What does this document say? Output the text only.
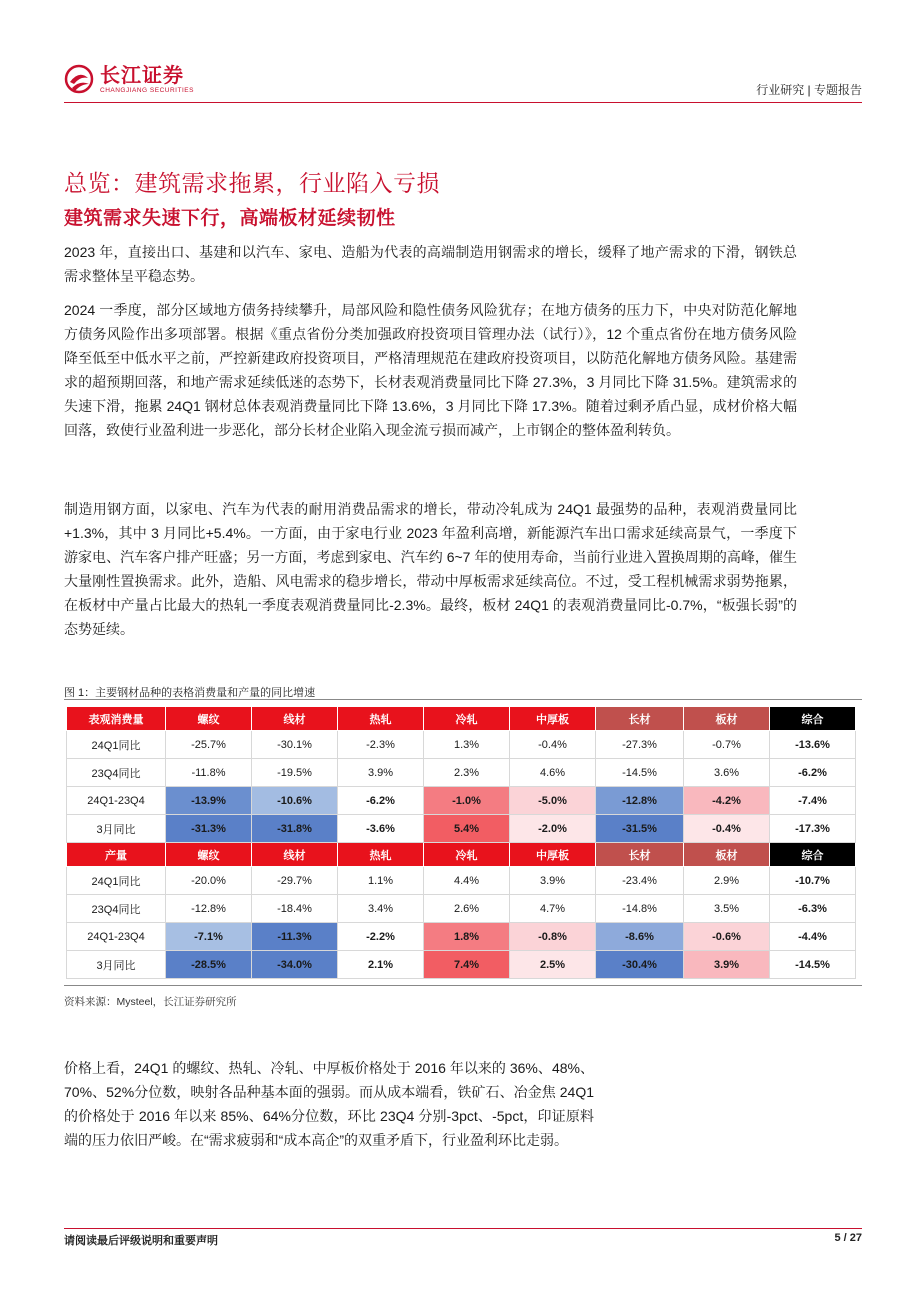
长江证券
CHANGJIANG SECURITIES	行业研究 | 专题报告
总览：建筑需求拖累，行业陷入亏损
建筑需求失速下行，高端板材延续韧性
2023 年，直接出口、基建和以汽车、家电、造船为代表的高端制造用钢需求的增长，缓释了地产需求的下滑，钢铁总需求整体呈平稳态势。
2024 一季度，部分区域地方债务持续攀升，局部风险和隐性债务风险犹存；在地方债务的压力下，中央对防范化解地方债务风险作出多项部署。根据《重点省份分类加强政府投资项目管理办法（试行）》，12 个重点省份在地方债务风险降至低至中低水平之前，严控新建政府投资项目，严格清理规范在建政府投资项目，以防范化解地方债务风险。基建需求的超预期回落，和地产需求延续低迷的态势下，长材表观消费量同比下降 27.3%，3 月同比下降 31.5%。建筑需求的失速下滑，拖累 24Q1 钢材总体表观消费量同比下降 13.6%，3 月同比下降 17.3%。随着过剩矛盾凸显，成材价格大幅回落，致使行业盈利进一步恶化，部分长材企业陷入现金流亏损而减产，上市钢企的整体盈利转负。
制造用钢方面，以家电、汽车为代表的耐用消费品需求的增长，带动冷轧成为 24Q1 最强势的品种，表观消费量同比+1.3%，其中 3 月同比+5.4%。一方面，由于家电行业 2023 年盈利高增，新能源汽车出口需求延续高景气，一季度下游家电、汽车客户排产旺盛；另一方面，考虑到家电、汽车约 6~7 年的使用寿命，当前行业进入置换周期的高峰，催生大量刚性置换需求。此外，造船、风电需求的稳步增长，带动中厚板需求延续高位。不过，受工程机械需求弱势拖累，在板材中产量占比最大的热轧一季度表观消费量同比-2.3%。最终，板材 24Q1 的表观消费量同比-0.7%，“板强长弱”的态势延续。
图 1：主要钢材品种的表格消费量和产量的同比增速
表观消费量	螺纹	线材	热轧	冷轧	中厚板	长材	板材	综合
24Q1同比	-25.7%	-30.1%	-2.3%	1.3%	-0.4%	-27.3%	-0.7%	-13.6%
23Q4同比	-11.8%	-19.5%	3.9%	2.3%	4.6%	-14.5%	3.6%	-6.2%
24Q1-23Q4	-13.9%	-10.6%	-6.2%	-1.0%	-5.0%	-12.8%	-4.2%	-7.4%
3月同比	-31.3%	-31.8%	-3.6%	5.4%	-2.0%	-31.5%	-0.4%	-17.3%
产量	螺纹	线材	热轧	冷轧	中厚板	长材	板材	综合
24Q1同比	-20.0%	-29.7%	1.1%	4.4%	3.9%	-23.4%	2.9%	-10.7%
23Q4同比	-12.8%	-18.4%	3.4%	2.6%	4.7%	-14.8%	3.5%	-6.3%
24Q1-23Q4	-7.1%	-11.3%	-2.2%	1.8%	-0.8%	-8.6%	-0.6%	-4.4%
3月同比	-28.5%	-34.0%	2.1%	7.4%	2.5%	-30.4%	3.9%	-14.5%
资料来源：Mysteel，长江证券研究所
价格上看，24Q1 的螺纹、热轧、冷轧、中厚板价格处于 2016 年以来的 36%、48%、70%、52%分位数，映射各品种基本面的强弱。而从成本端看，铁矿石、冶金焦 24Q1 的价格处于 2016 年以来 85%、64%分位数，环比 23Q4 分别-3pct、-5pct，印证原料端的压力依旧严峻。在“需求疲弱和“成本高企”的双重矛盾下，行业盈利环比走弱。
请阅读最后评级说明和重要声明	5 / 27
